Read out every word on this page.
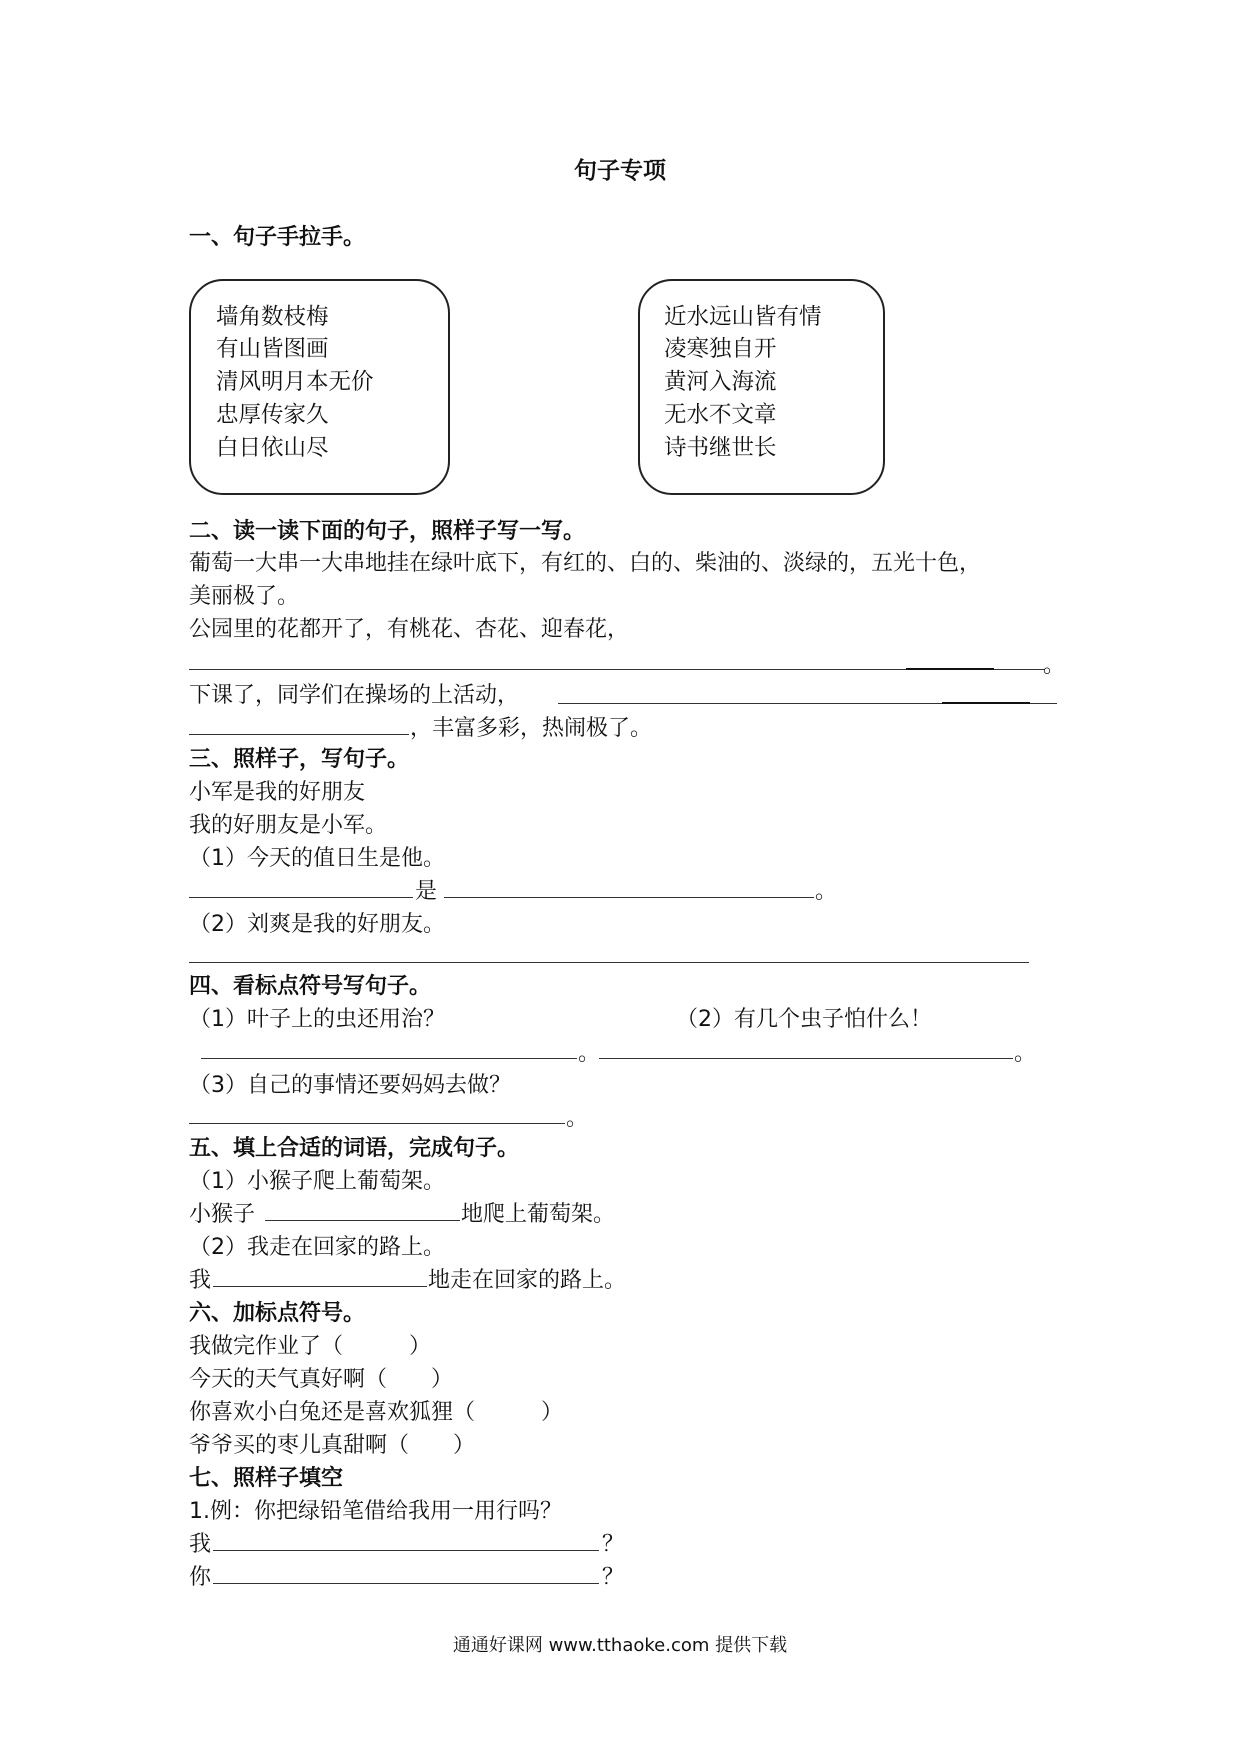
句子专项
一、句子手拉手。
墙角数枝梅
有山皆图画
清风明月本无价
忠厚传家久
白日依山尽
近水远山皆有情
凌寒独自开
黄河入海流
无水不文章
诗书继世长
二、读一读下面的句子，照样子写一写。
葡萄一大串一大串地挂在绿叶底下，有红的、白的、柴油的、淡绿的，五光十色，
美丽极了。
公园里的花都开了，有桃花、杏花、迎春花，
。
下课了，同学们在操场的上活动，
，丰富多彩，热闹极了。
三、照样子，写句子。
小军是我的好朋友
我的好朋友是小军。
（1）今天的值日生是他。
是	。
（2）刘爽是我的好朋友。
四、看标点符号写句子。
（1）叶子上的虫还用治？	（2）有几个虫子怕什么！
。	。
（3）自己的事情还要妈妈去做？
。
五、填上合适的词语，完成句子。
（1）小猴子爬上葡萄架。
小猴子	地爬上葡萄架。
（2）我走在回家的路上。
我	地走在回家的路上。
六、加标点符号。
我做完作业了（　　　）
今天的天气真好啊（　　）
你喜欢小白兔还是喜欢狐狸（　　　）
爷爷买的枣儿真甜啊（　　）
七、照样子填空
1.例：你把绿铅笔借给我用一用行吗？
我	？
你	？
通通好课网 www.tthaoke.com 提供下载
